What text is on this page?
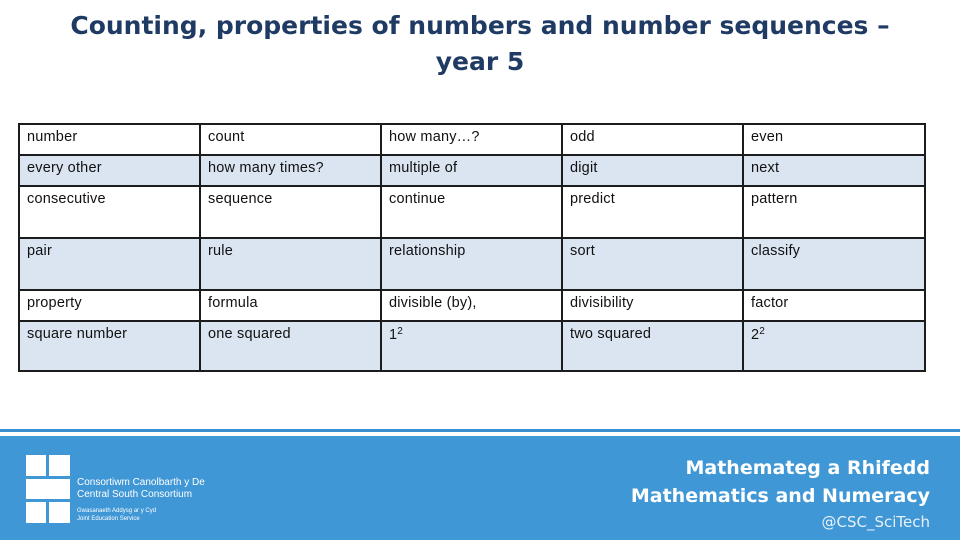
Counting, properties of numbers and number sequences –
year 5
number	count	how many…?	odd	even
every other	how many times?	multiple of	digit	next
consecutive	sequence	continue	predict	pattern
pair	rule	relationship	sort	classify
property	formula	divisible (by),	divisibility	factor
square number	one squared	$1^2$	two squared	$2^2$
Consortiwm Canolbarth y De
Central South Consortium
Gwasanaeth Addysg ar y Cyd
Joint Education Service
Mathemateg a Rhifedd
Mathematics and Numeracy
@CSC_SciTech
